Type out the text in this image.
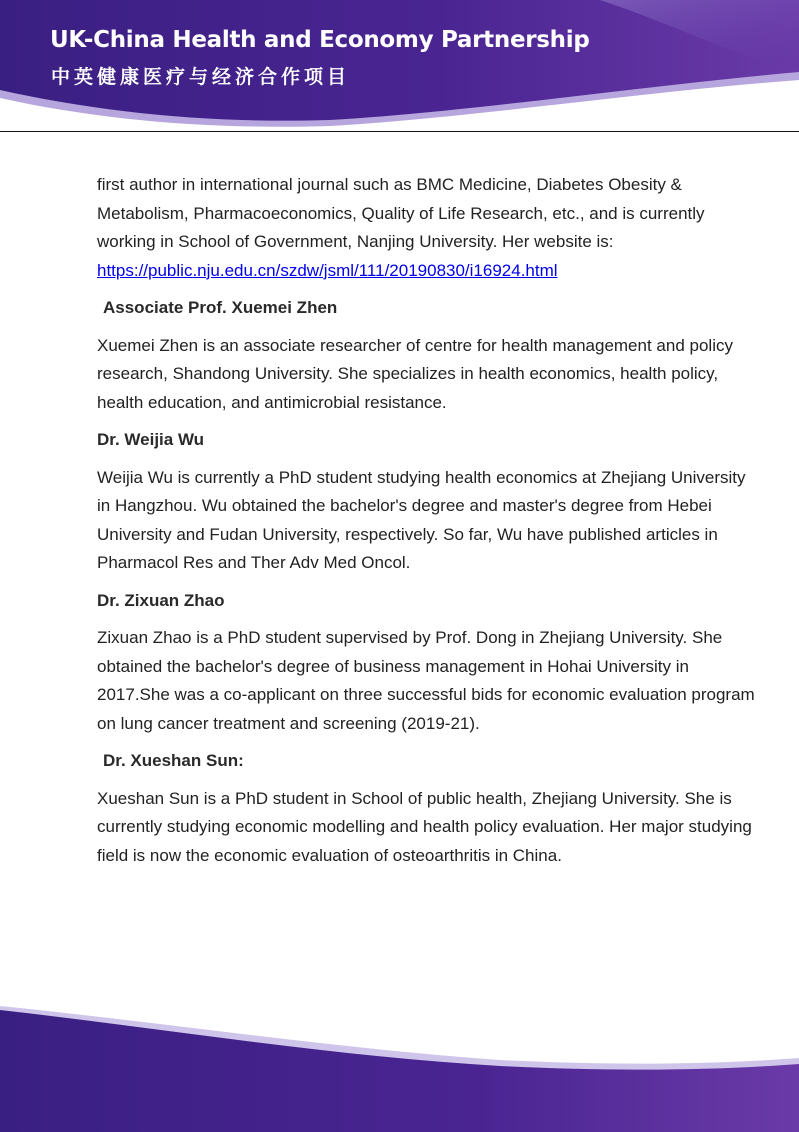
UK-China Health and Economy Partnership
中英健康医疗与经济合作项目

first author in international journal such as BMC Medicine, Diabetes Obesity & Metabolism, Pharmacoeconomics, Quality of Life Research, etc., and is currently working in School of Government, Nanjing University. Her website is:
https://public.nju.edu.cn/szdw/jsml/111/20190830/i16924.html

Associate Prof. Xuemei Zhen

Xuemei Zhen is an associate researcher of centre for health management and policy research, Shandong University. She specializes in health economics, health policy, health education, and antimicrobial resistance.

Dr. Weijia Wu

Weijia Wu is currently a PhD student studying health economics at Zhejiang University in Hangzhou. Wu obtained the bachelor's degree and master's degree from Hebei University and Fudan University, respectively. So far, Wu have published articles in Pharmacol Res and Ther Adv Med Oncol.

Dr. Zixuan Zhao

Zixuan Zhao is a PhD student supervised by Prof. Dong in Zhejiang University. She obtained the bachelor's degree of business management in Hohai University in 2017.She was a co-applicant on three successful bids for economic evaluation program on lung cancer treatment and screening (2019-21).

Dr. Xueshan Sun:

Xueshan Sun is a PhD student in School of public health, Zhejiang University. She is currently studying economic modelling and health policy evaluation. Her major studying field is now the economic evaluation of osteoarthritis in China.
